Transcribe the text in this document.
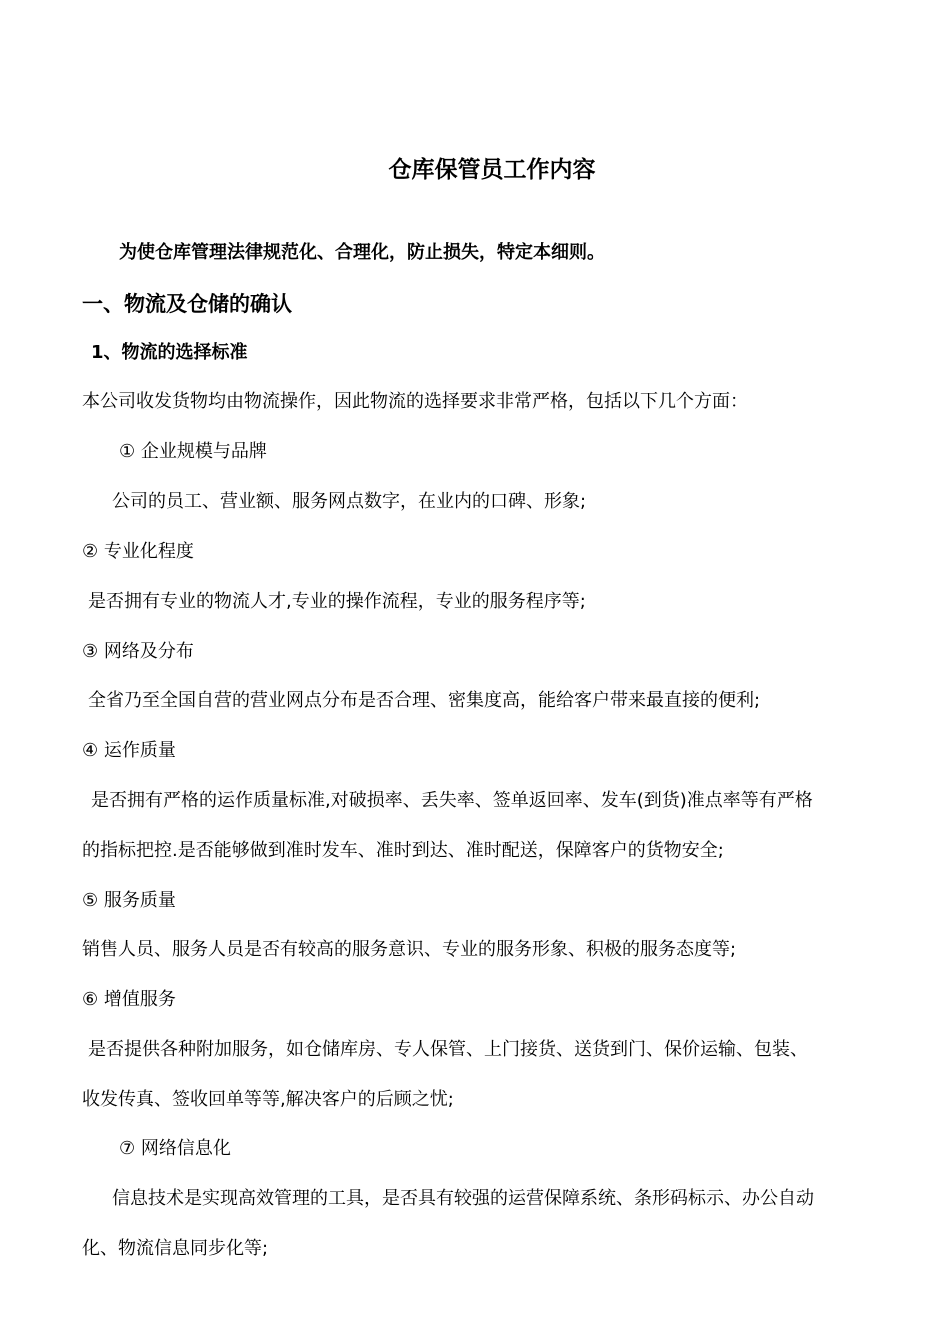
仓库保管员工作内容
为使仓库管理法律规范化、合理化，防止损失，特定本细则。
一、物流及仓储的确认
1、物流的选择标准
本公司收发货物均由物流操作，因此物流的选择要求非常严格，包括以下几个方面：
① 企业规模与品牌
公司的员工、营业额、服务网点数字，在业内的口碑、形象;
② 专业化程度
是否拥有专业的物流人才,专业的操作流程，专业的服务程序等;
③ 网络及分布
全省乃至全国自营的营业网点分布是否合理、密集度高，能给客户带来最直接的便利;
④ 运作质量
是否拥有严格的运作质量标准,对破损率、丢失率、签单返回率、发车(到货)准点率等有严格
的指标把控.是否能够做到准时发车、准时到达、准时配送，保障客户的货物安全;
⑤ 服务质量
销售人员、服务人员是否有较高的服务意识、专业的服务形象、积极的服务态度等;
⑥ 增值服务
是否提供各种附加服务，如仓储库房、专人保管、上门接货、送货到门、保价运输、包装、
收发传真、签收回单等等,解决客户的后顾之忧;
⑦ 网络信息化
信息技术是实现高效管理的工具，是否具有较强的运营保障系统、条形码标示、办公自动
化、物流信息同步化等;
